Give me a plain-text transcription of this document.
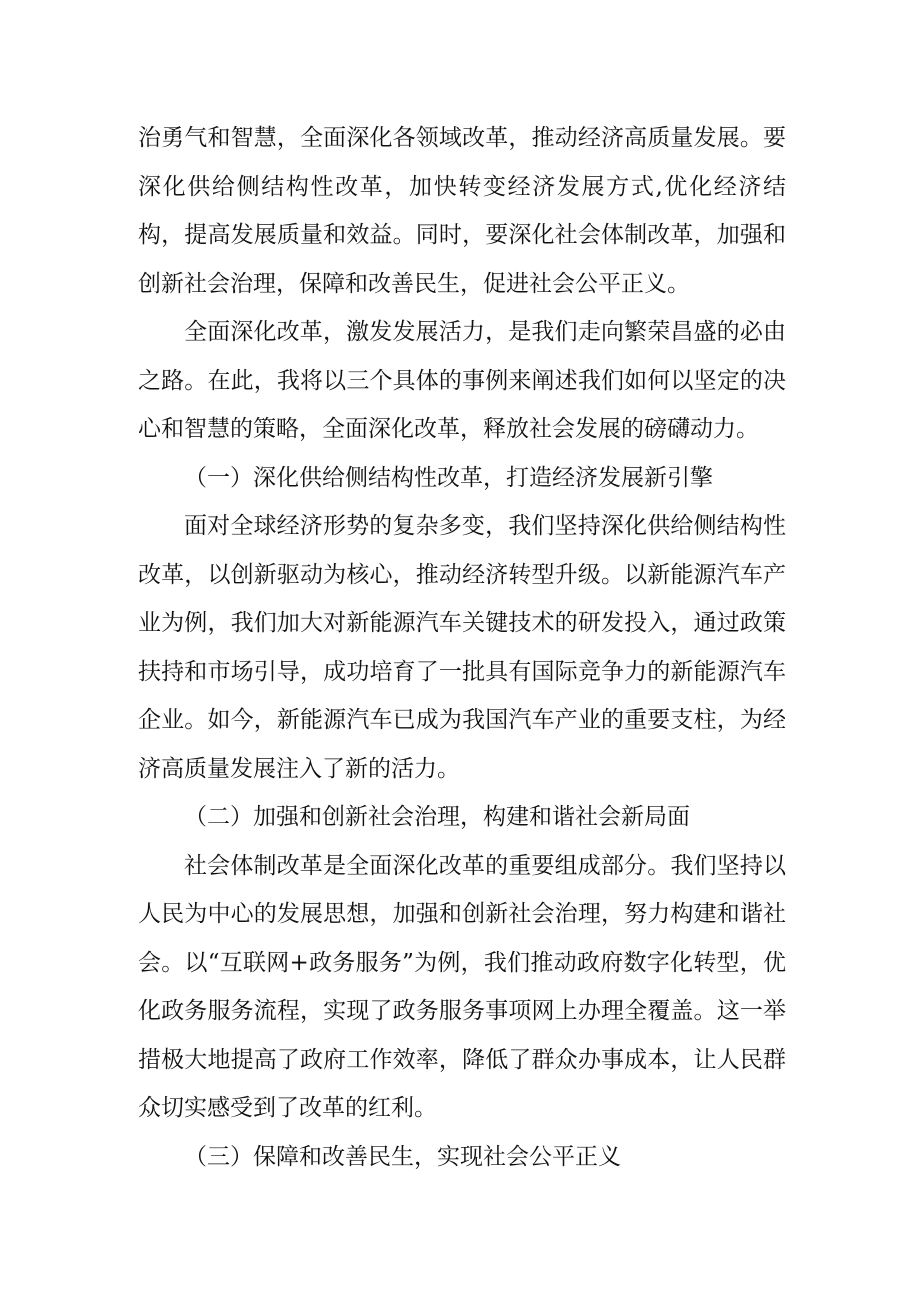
治勇气和智慧，全面深化各领域改革，推动经济高质量发展。要深化供给侧结构性改革，加快转变经济发展方式,优化经济结构，提高发展质量和效益。同时，要深化社会体制改革，加强和创新社会治理，保障和改善民生，促进社会公平正义。

全面深化改革，激发发展活力，是我们走向繁荣昌盛的必由之路。在此，我将以三个具体的事例来阐述我们如何以坚定的决心和智慧的策略，全面深化改革，释放社会发展的磅礴动力。

（一）深化供给侧结构性改革，打造经济发展新引擎

面对全球经济形势的复杂多变，我们坚持深化供给侧结构性改革，以创新驱动为核心，推动经济转型升级。以新能源汽车产业为例，我们加大对新能源汽车关键技术的研发投入，通过政策扶持和市场引导，成功培育了一批具有国际竞争力的新能源汽车企业。如今，新能源汽车已成为我国汽车产业的重要支柱，为经济高质量发展注入了新的活力。

（二）加强和创新社会治理，构建和谐社会新局面

社会体制改革是全面深化改革的重要组成部分。我们坚持以人民为中心的发展思想，加强和创新社会治理，努力构建和谐社会。以“互联网+政务服务”为例，我们推动政府数字化转型，优化政务服务流程，实现了政务服务事项网上办理全覆盖。这一举措极大地提高了政府工作效率，降低了群众办事成本，让人民群众切实感受到了改革的红利。

（三）保障和改善民生，实现社会公平正义
